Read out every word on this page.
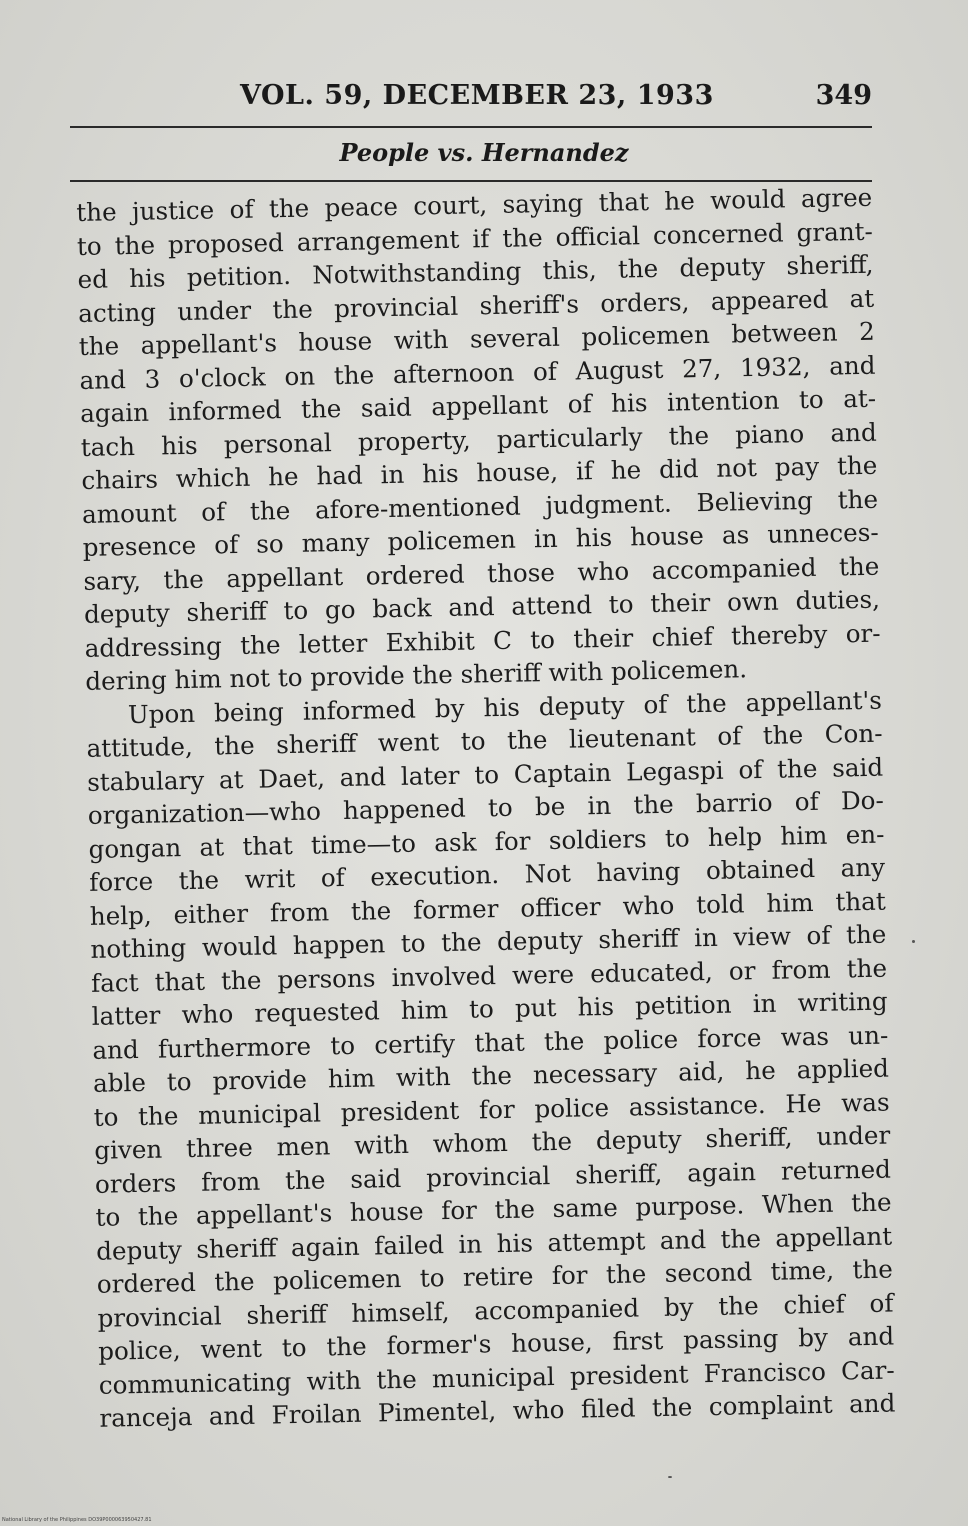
VOL. 59, DECEMBER 23, 1933	349
People vs. Hernandez
the justice of the peace court, saying that he would agree
to the proposed arrangement if the official concerned grant-
ed his petition. Notwithstanding this, the deputy sheriff,
acting under the provincial sheriff's orders, appeared at
the appellant's house with several policemen between 2
and 3 o'clock on the afternoon of August 27, 1932, and
again informed the said appellant of his intention to at-
tach his personal property, particularly the piano and
chairs which he had in his house, if he did not pay the
amount of the afore-mentioned judgment. Believing the
presence of so many policemen in his house as unneces-
sary, the appellant ordered those who accompanied the
deputy sheriff to go back and attend to their own duties,
addressing the letter Exhibit C to their chief thereby or-
dering him not to provide the sheriff with policemen.
Upon being informed by his deputy of the appellant's
attitude, the sheriff went to the lieutenant of the Con-
stabulary at Daet, and later to Captain Legaspi of the said
organization—who happened to be in the barrio of Do-
gongan at that time—to ask for soldiers to help him en-
force the writ of execution. Not having obtained any
help, either from the former officer who told him that
nothing would happen to the deputy sheriff in view of the
fact that the persons involved were educated, or from the
latter who requested him to put his petition in writing
and furthermore to certify that the police force was un-
able to provide him with the necessary aid, he applied
to the municipal president for police assistance. He was
given three men with whom the deputy sheriff, under
orders from the said provincial sheriff, again returned
to the appellant's house for the same purpose. When the
deputy sheriff again failed in his attempt and the appellant
ordered the policemen to retire for the second time, the
provincial sheriff himself, accompanied by the chief of
police, went to the former's house, first passing by and
communicating with the municipal president Francisco Car-
ranceja and Froilan Pimentel, who filed the complaint and
National Library of the Philippines DO39P000063950427.81
